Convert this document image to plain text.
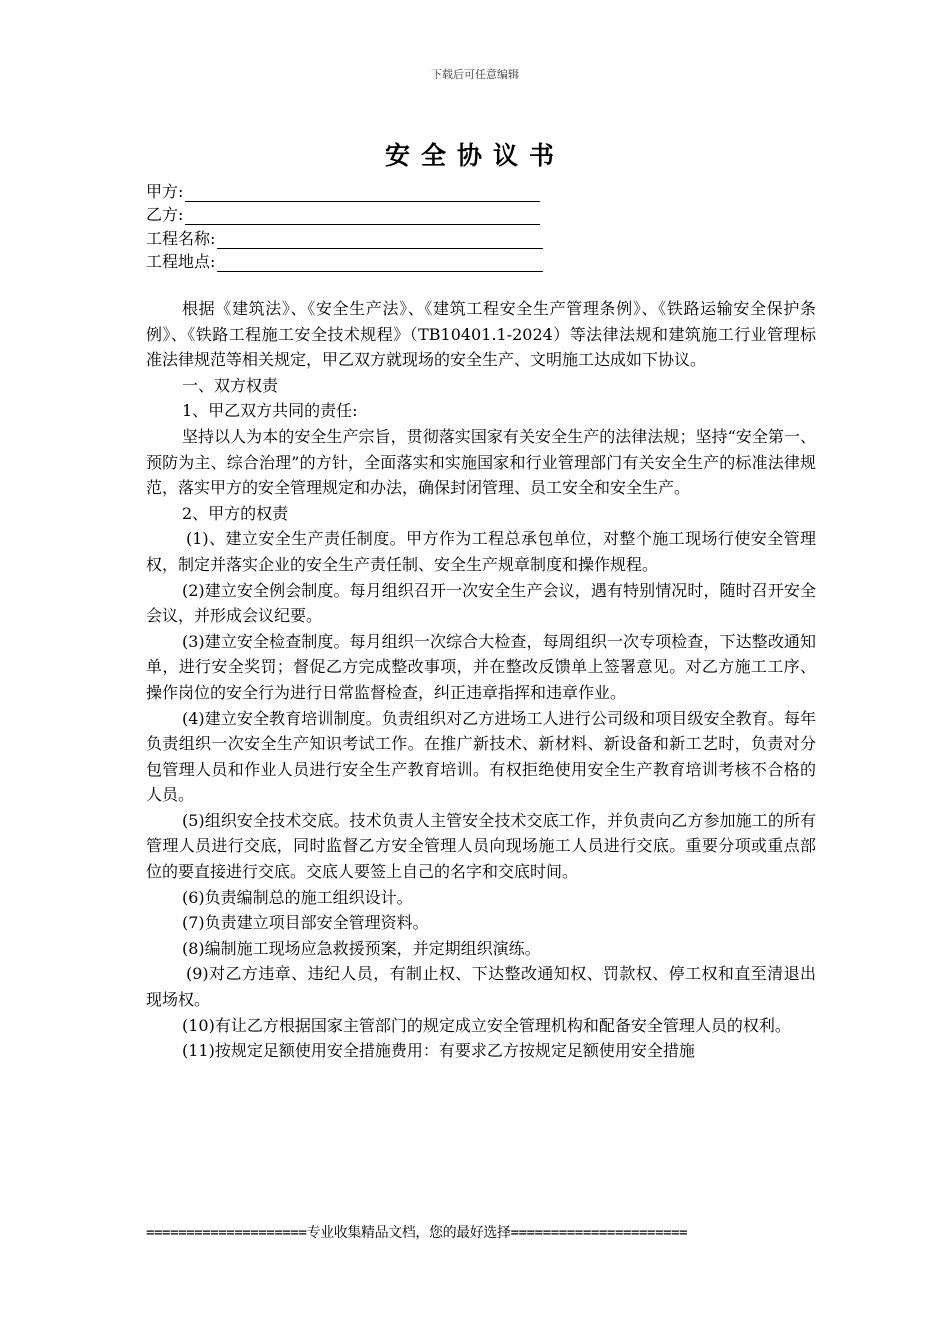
下载后可任意编辑
安全协议书
甲方:
乙方:
工程名称:
工程地点:

根据《建筑法》、《安全生产法》、《建筑工程安全生产管理条例》、《铁路运输安全保护条例》、《铁路工程施工安全技术规程》（TB10401.1-2024）等法律法规和建筑施工行业管理标准法律规范等相关规定，甲乙双方就现场的安全生产、文明施工达成如下协议。

一、双方权责

1、甲乙双方共同的责任:

坚持以人为本的安全生产宗旨，贯彻落实国家有关安全生产的法律法规；坚持“安全第一、预防为主、综合治理”的方针，全面落实和实施国家和行业管理部门有关安全生产的标准法律规范，落实甲方的安全管理规定和办法，确保封闭管理、员工安全和安全生产。

2、甲方的权责

(1)、建立安全生产责任制度。甲方作为工程总承包单位，对整个施工现场行使安全管理权，制定并落实企业的安全生产责任制、安全生产规章制度和操作规程。

(2)建立安全例会制度。每月组织召开一次安全生产会议，遇有特别情况时，随时召开安全会议，并形成会议纪要。

(3)建立安全检查制度。每月组织一次综合大检查，每周组织一次专项检查，下达整改通知单，进行安全奖罚；督促乙方完成整改事项，并在整改反馈单上签署意见。对乙方施工工序、操作岗位的安全行为进行日常监督检查，纠正违章指挥和违章作业。

(4)建立安全教育培训制度。负责组织对乙方进场工人进行公司级和项目级安全教育。每年负责组织一次安全生产知识考试工作。在推广新技术、新材料、新设备和新工艺时，负责对分包管理人员和作业人员进行安全生产教育培训。有权拒绝使用安全生产教育培训考核不合格的人员。

(5)组织安全技术交底。技术负责人主管安全技术交底工作，并负责向乙方参加施工的所有管理人员进行交底，同时监督乙方安全管理人员向现场施工人员进行交底。重要分项或重点部位的要直接进行交底。交底人要签上自己的名字和交底时间。

(6)负责编制总的施工组织设计。

(7)负责建立项目部安全管理资料。

(8)编制施工现场应急救援预案，并定期组织演练。

(9)对乙方违章、违纪人员，有制止权、下达整改通知权、罚款权、停工权和直至清退出现场权。

(10)有让乙方根据国家主管部门的规定成立安全管理机构和配备安全管理人员的权利。

(11)按规定足额使用安全措施费用：有要求乙方按规定足额使用安全措施

====================专业收集精品文档，您的最好选择======================
